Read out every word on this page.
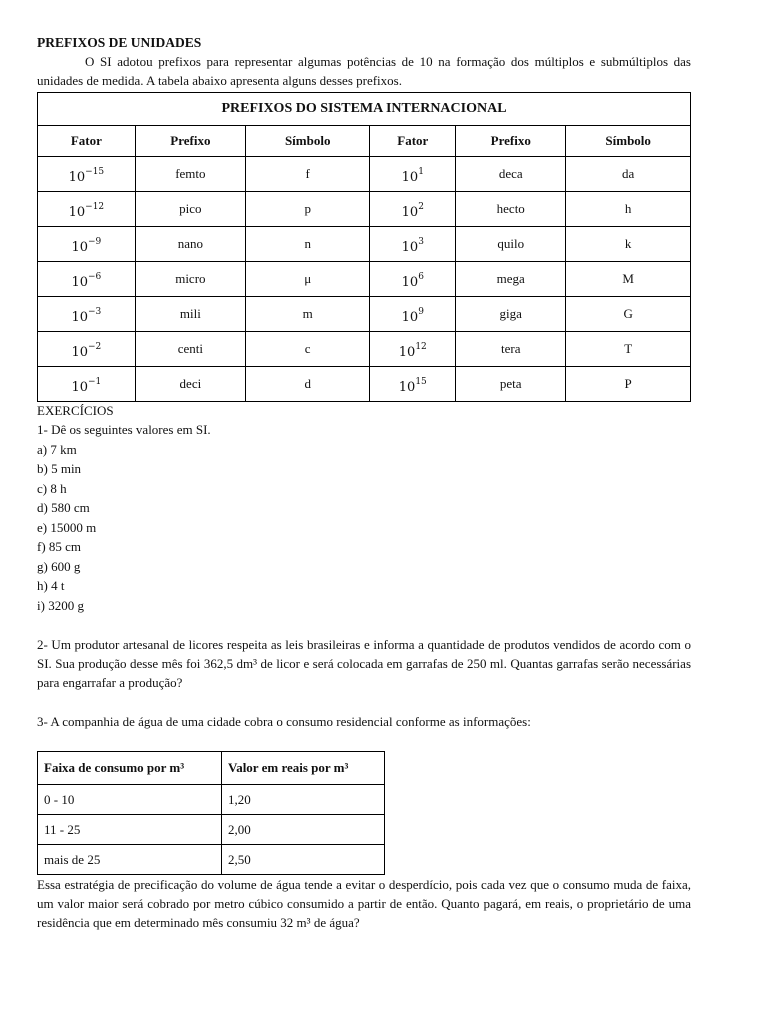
PREFIXOS DE UNIDADES
O SI adotou prefixos para representar algumas potências de 10 na formação dos múltiplos e submúltiplos das unidades de medida. A tabela abaixo apresenta alguns desses prefixos.
PREFIXOS DO SISTEMA INTERNACIONAL					
Fator	Prefixo	Símbolo	Fator	Prefixo	Símbolo
$10^{-15}$	femto	f	$10^1$	deca	da
$10^{-12}$	pico	p	$10^2$	hecto	h
$10^{-9}$	nano	n	$10^3$	quilo	k
$10^{-6}$	micro	μ	$10^6$	mega	M
$10^{-3}$	mili	m	$10^9$	giga	G
$10^{-2}$	centi	c	$10^{12}$	tera	T
$10^{-1}$	deci	d	$10^{15}$	peta	P
EXERCÍCIOS
1- Dê os seguintes valores em SI.
a) 7 km
b) 5 min
c) 8 h
d) 580 cm
e) 15000 m
f) 85 cm
g) 600 g
h) 4 t
i) 3200 g
2- Um produtor artesanal de licores respeita as leis brasileiras e informa a quantidade de produtos vendidos de acordo com o SI. Sua produção desse mês foi 362,5 dm³ de licor e será colocada em garrafas de 250 ml. Quantas garrafas serão necessárias para engarrafar a produção?
3- A companhia de água de uma cidade cobra o consumo residencial conforme as informações:
Faixa de consumo por m³	Valor em reais por m³
0 - 10	1,20
11 - 25	2,00
mais de 25	2,50
Essa estratégia de precificação do volume de água tende a evitar o desperdício, pois cada vez que o consumo muda de faixa, um valor maior será cobrado por metro cúbico consumido a partir de então. Quanto pagará, em reais, o proprietário de uma residência que em determinado mês consumiu 32 m³ de água?
